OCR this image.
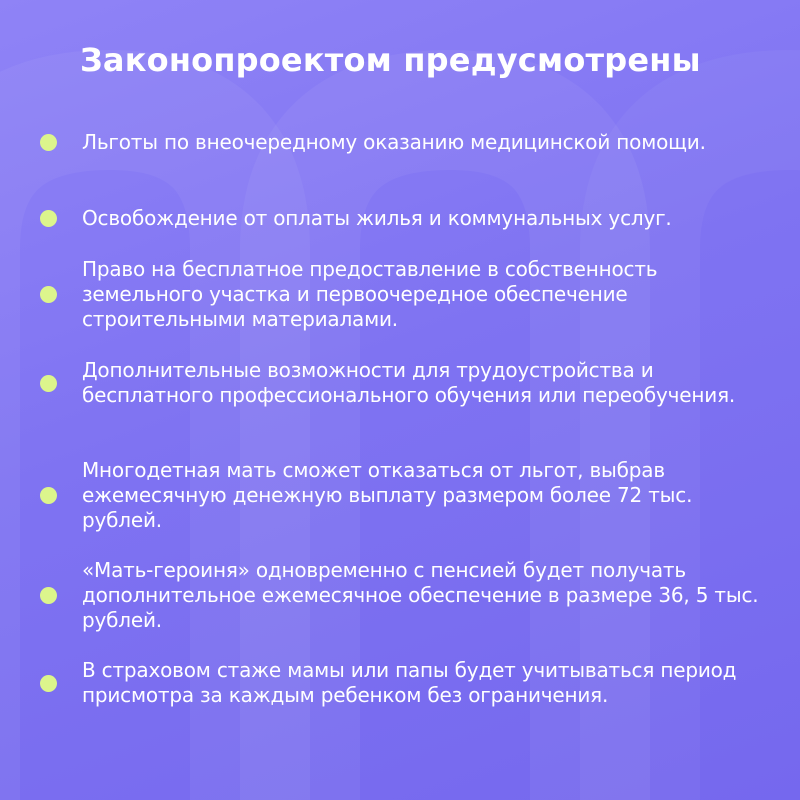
Законопроектом предусмотрены
Льготы по внеочередному оказанию медицинской помощи.
Освобождение от оплаты жилья и коммунальных услуг.
Право на бесплатное предоставление в собственность земельного участка и первоочередное обеспечение строительными материалами.
Дополнительные возможности для трудоустройства и бесплатного профессионального обучения или переобучения.
Многодетная мать сможет отказаться от льгот, выбрав ежемесячную денежную выплату размером более 72 тыс. рублей.
«Мать-героиня» одновременно с пенсией будет получать дополнительное ежемесячное обеспечение в размере 36, 5 тыс. рублей.
В страховом стаже мамы или папы будет учитываться период присмотра за каждым ребенком без ограничения.
